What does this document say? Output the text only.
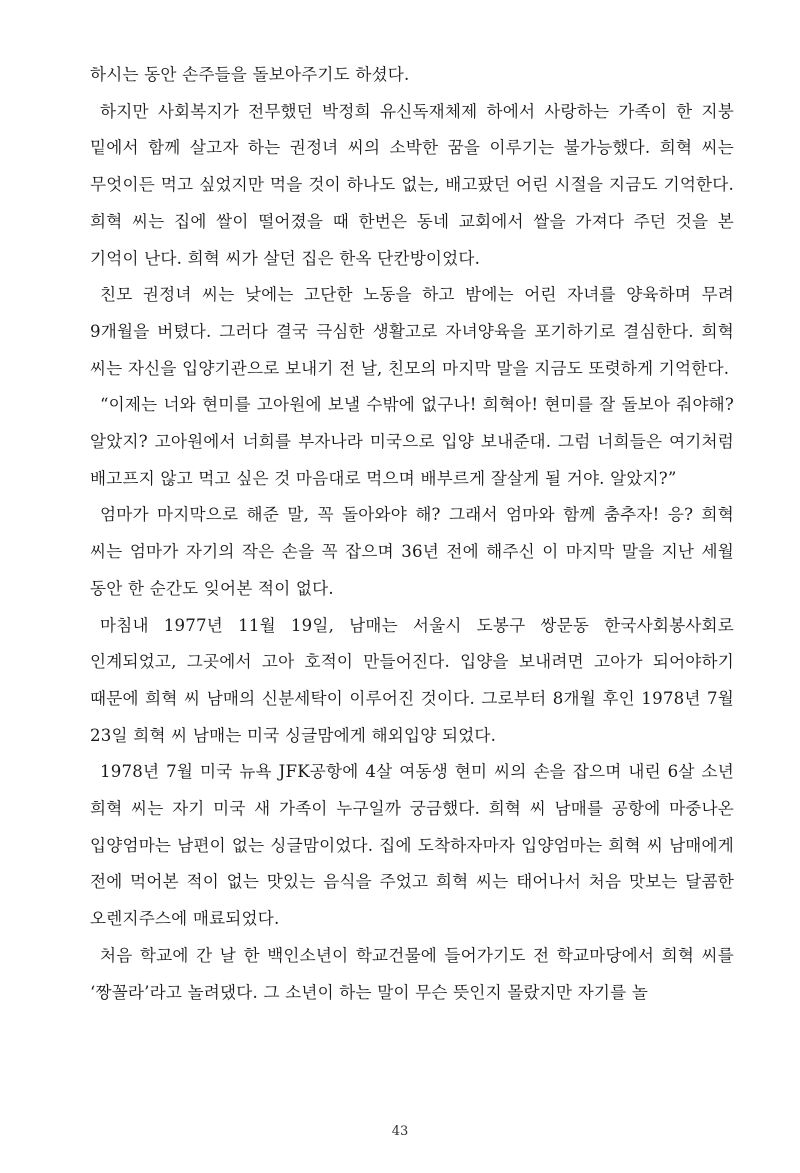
하시는 동안 손주들을 돌보아주기도 하셨다.

하지만 사회복지가 전무했던 박정희 유신독재체제 하에서 사랑하는 가족이 한 지붕 밑에서 함께 살고자 하는 권정녀 씨의 소박한 꿈을 이루기는 불가능했다. 희혁 씨는 무엇이든 먹고 싶었지만 먹을 것이 하나도 없는, 배고팠던 어린 시절을 지금도 기억한다. 희혁 씨는 집에 쌀이 떨어졌을 때 한번은 동네 교회에서 쌀을 가져다 주던 것을 본 기억이 난다. 희혁 씨가 살던 집은 한옥 단칸방이었다.

친모 권정녀 씨는 낮에는 고단한 노동을 하고 밤에는 어린 자녀를 양육하며 무려 9개월을 버텼다. 그러다 결국 극심한 생활고로 자녀양육을 포기하기로 결심한다. 희혁 씨는 자신을 입양기관으로 보내기 전 날, 친모의 마지막 말을 지금도 또렷하게 기억한다.

“이제는 너와 현미를 고아원에 보낼 수밖에 없구나! 희혁아! 현미를 잘 돌보아 줘야해? 알았지? 고아원에서 너희를 부자나라 미국으로 입양 보내준대. 그럼 너희들은 여기처럼 배고프지 않고 먹고 싶은 것 마음대로 먹으며 배부르게 잘살게 될 거야. 알았지?”

엄마가 마지막으로 해준 말, 꼭 돌아와야 해? 그래서 엄마와 함께 춤추자! 응? 희혁 씨는 엄마가 자기의 작은 손을 꼭 잡으며 36년 전에 해주신 이 마지막 말을 지난 세월 동안 한 순간도 잊어본 적이 없다.

마침내 1977년 11월 19일, 남매는 서울시 도봉구 쌍문동 한국사회봉사회로 인계되었고, 그곳에서 고아 호적이 만들어진다. 입양을 보내려면 고아가 되어야하기 때문에 희혁 씨 남매의 신분세탁이 이루어진 것이다. 그로부터 8개월 후인 1978년 7월 23일 희혁 씨 남매는 미국 싱글맘에게 해외입양 되었다.

1978년 7월 미국 뉴욕 JFK공항에 4살 여동생 현미 씨의 손을 잡으며 내린 6살 소년 희혁 씨는 자기 미국 새 가족이 누구일까 궁금했다. 희혁 씨 남매를 공항에 마중나온 입양엄마는 남편이 없는 싱글맘이었다. 집에 도착하자마자 입양엄마는 희혁 씨 남매에게 전에 먹어본 적이 없는 맛있는 음식을 주었고 희혁 씨는 태어나서 처음 맛보는 달콤한 오렌지주스에 매료되었다.

처음 학교에 간 날 한 백인소년이 학교건물에 들어가기도 전 학교마당에서 희혁 씨를 ‘짱꼴라’라고 놀려댔다. 그 소년이 하는 말이 무슨 뜻인지 몰랐지만 자기를 놀

43
